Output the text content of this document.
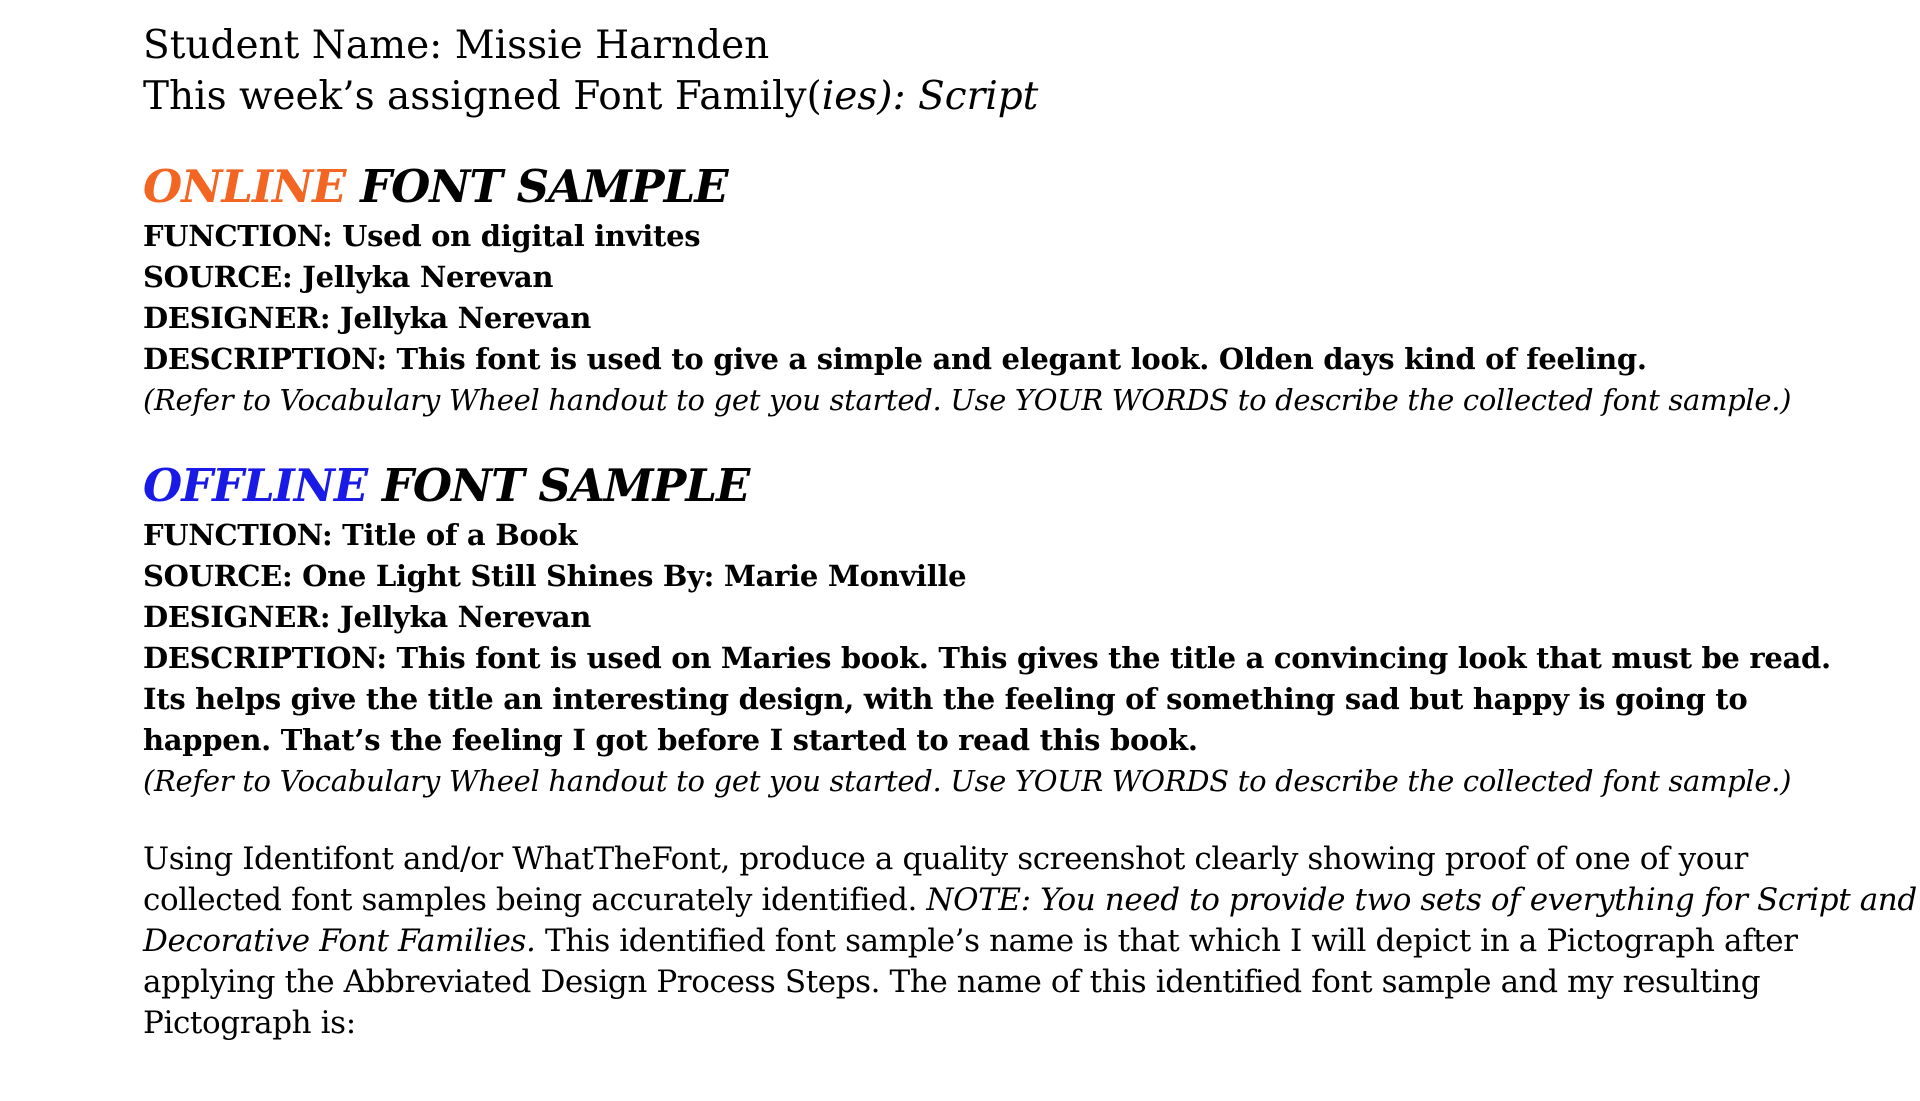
Student Name: Missie Harnden

This week’s assigned Font Family(ies): Script

ONLINE FONT SAMPLE

FUNCTION: Used on digital invites

SOURCE: Jellyka Nerevan

DESIGNER: Jellyka Nerevan

DESCRIPTION: This font is used to give a simple and elegant look. Olden days kind of feeling.

(Refer to Vocabulary Wheel handout to get you started. Use YOUR WORDS to describe the collected font sample.)

OFFLINE FONT SAMPLE

FUNCTION: Title of a Book

SOURCE: One Light Still Shines By: Marie Monville

DESIGNER: Jellyka Nerevan

DESCRIPTION: This font is used on Maries book. This gives the title a convincing look that must be read.

Its helps give the title an interesting design, with the feeling of something sad but happy is going to

happen. That’s the feeling I got before I started to read this book.

(Refer to Vocabulary Wheel handout to get you started. Use YOUR WORDS to describe the collected font sample.)

Using Identifont and/or WhatTheFont, produce a quality screenshot clearly showing proof of one of your

collected font samples being accurately identified. NOTE: You need to provide two sets of everything for Script and

Decorative Font Families. This identified font sample’s name is that which I will depict in a Pictograph after

applying the Abbreviated Design Process Steps. The name of this identified font sample and my resulting

Pictograph is:
